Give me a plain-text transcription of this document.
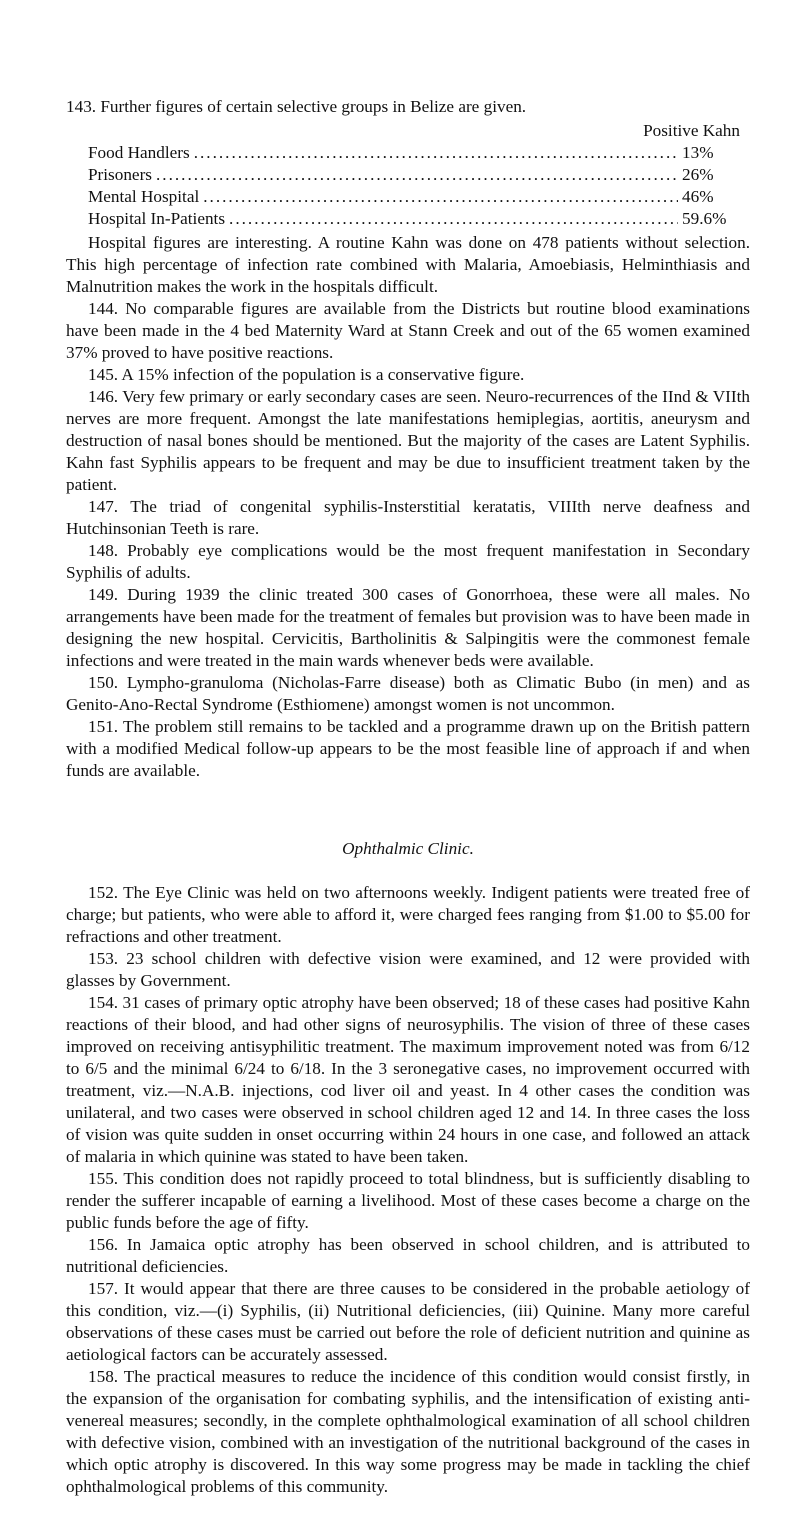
143. Further figures of certain selective groups in Belize are given.

Positive Kahn
Food Handlers .....	13%
Prisoners .....	26%
Mental Hospital .....	46%
Hospital In-Patients .....	59.6%

Hospital figures are interesting. A routine Kahn was done on 478 patients without selection. This high percentage of infection rate combined with Malaria, Amoebiasis, Helminthiasis and Malnutrition makes the work in the hospitals difficult.

144. No comparable figures are available from the Districts but routine blood examinations have been made in the 4 bed Maternity Ward at Stann Creek and out of the 65 women examined 37% proved to have positive reactions.

145. A 15% infection of the population is a conservative figure.

146. Very few primary or early secondary cases are seen. Neuro-recurrences of the IInd & VIIth nerves are more frequent. Amongst the late manifestations hemiplegias, aortitis, aneurysm and destruction of nasal bones should be mentioned. But the majority of the cases are Latent Syphilis. Kahn fast Syphilis appears to be frequent and may be due to insufficient treatment taken by the patient.

147. The triad of congenital syphilis-Insterstitial keratatis, VIIIth nerve deafness and Hutchinsonian Teeth is rare.

148. Probably eye complications would be the most frequent manifestation in Secondary Syphilis of adults.

149. During 1939 the clinic treated 300 cases of Gonorrhoea, these were all males. No arrangements have been made for the treatment of females but provision was to have been made in designing the new hospital. Cervicitis, Bartholinitis & Salpingitis were the commonest female infections and were treated in the main wards whenever beds were available.

150. Lympho-granuloma (Nicholas-Farre disease) both as Climatic Bubo (in men) and as Genito-Ano-Rectal Syndrome (Esthiomene) amongst women is not uncommon.

151. The problem still remains to be tackled and a programme drawn up on the British pattern with a modified Medical follow-up appears to be the most feasible line of approach if and when funds are available.

Ophthalmic Clinic.

152. The Eye Clinic was held on two afternoons weekly. Indigent patients were treated free of charge; but patients, who were able to afford it, were charged fees ranging from $1.00 to $5.00 for refractions and other treatment.

153. 23 school children with defective vision were examined, and 12 were provided with glasses by Government.

154. 31 cases of primary optic atrophy have been observed; 18 of these cases had positive Kahn reactions of their blood, and had other signs of neurosyphilis. The vision of three of these cases improved on receiving antisyphilitic treatment. The maximum improvement noted was from 6/12 to 6/5 and the minimal 6/24 to 6/18. In the 3 seronegative cases, no improvement occurred with treatment, viz.—N.A.B. injections, cod liver oil and yeast. In 4 other cases the condition was unilateral, and two cases were observed in school children aged 12 and 14. In three cases the loss of vision was quite sudden in onset occurring within 24 hours in one case, and followed an attack of malaria in which quinine was stated to have been taken.

155. This condition does not rapidly proceed to total blindness, but is sufficiently disabling to render the sufferer incapable of earning a livelihood. Most of these cases become a charge on the public funds before the age of fifty.

156. In Jamaica optic atrophy has been observed in school children, and is attributed to nutritional deficiencies.

157. It would appear that there are three causes to be considered in the probable aetiology of this condition, viz.—(i) Syphilis, (ii) Nutritional deficiencies, (iii) Quinine. Many more careful observations of these cases must be carried out before the role of deficient nutrition and quinine as aetiological factors can be accurately assessed.

158. The practical measures to reduce the incidence of this condition would consist firstly, in the expansion of the organisation for combating syphilis, and the intensification of existing anti-venereal measures; secondly, in the complete ophthalmological examination of all school children with defective vision, combined with an investigation of the nutritional background of the cases in which optic atrophy is discovered. In this way some progress may be made in tackling the chief ophthalmological problems of this community.
